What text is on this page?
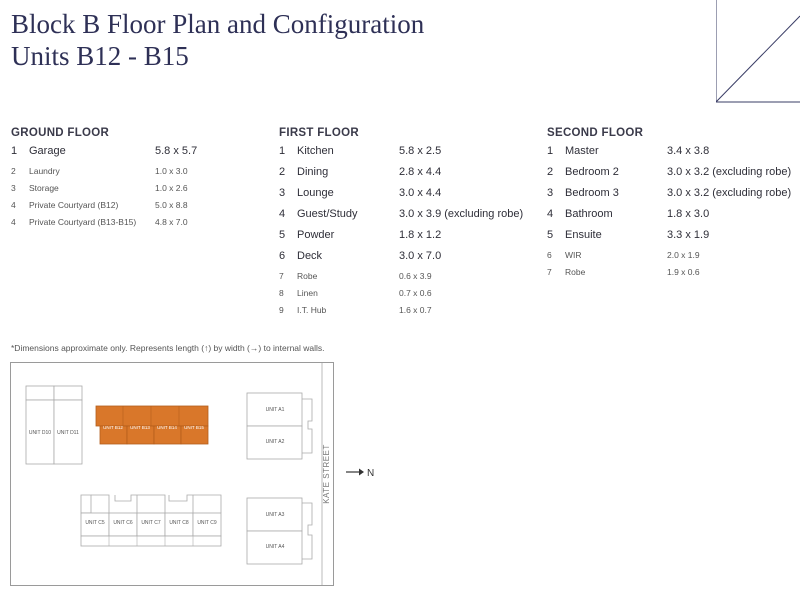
Block B Floor Plan and Configuration
Units B12 - B15
GROUND FLOOR
1 Garage	5.8 x 5.7
2 Laundry	1.0 x 3.0
3 Storage	1.0 x 2.6
4 Private Courtyard (B12)	5.0 x 8.8
4 Private Courtyard (B13-B15) 4.8 x 7.0
FIRST FLOOR
1 Kitchen	5.8 x 2.5
2 Dining	2.8 x 4.4
3 Lounge	3.0 x 4.4
4 Guest/Study	3.0 x 3.9 (excluding robe)
5 Powder	1.8 x 1.2
6 Deck	3.0 x 7.0
7 Robe	0.6 x 3.9
8 Linen	0.7 x 0.6
9 I.T. Hub	1.6 x 0.7
SECOND FLOOR
1 Master	3.4 x 3.8
2 Bedroom 2	3.0 x 3.2 (excluding robe)
3 Bedroom 3	3.0 x 3.2 (excluding robe)
4 Bathroom	1.8 x 3.0
5 Ensuite	3.3 x 1.9
6 WIR	2.0 x 1.9
7 Robe	1.9 x 0.6
*Dimensions approximate only. Represents length (↑) by width (→) to internal walls.
UNIT D10 UNIT D11
UNIT B12 UNIT B13 UNIT B14 UNIT B15
UNIT A1
UNIT A2
UNIT A3
UNIT A4
UNIT C5 UNIT C6 UNIT C7 UNIT C8 UNIT C9
KATE STREET	N
